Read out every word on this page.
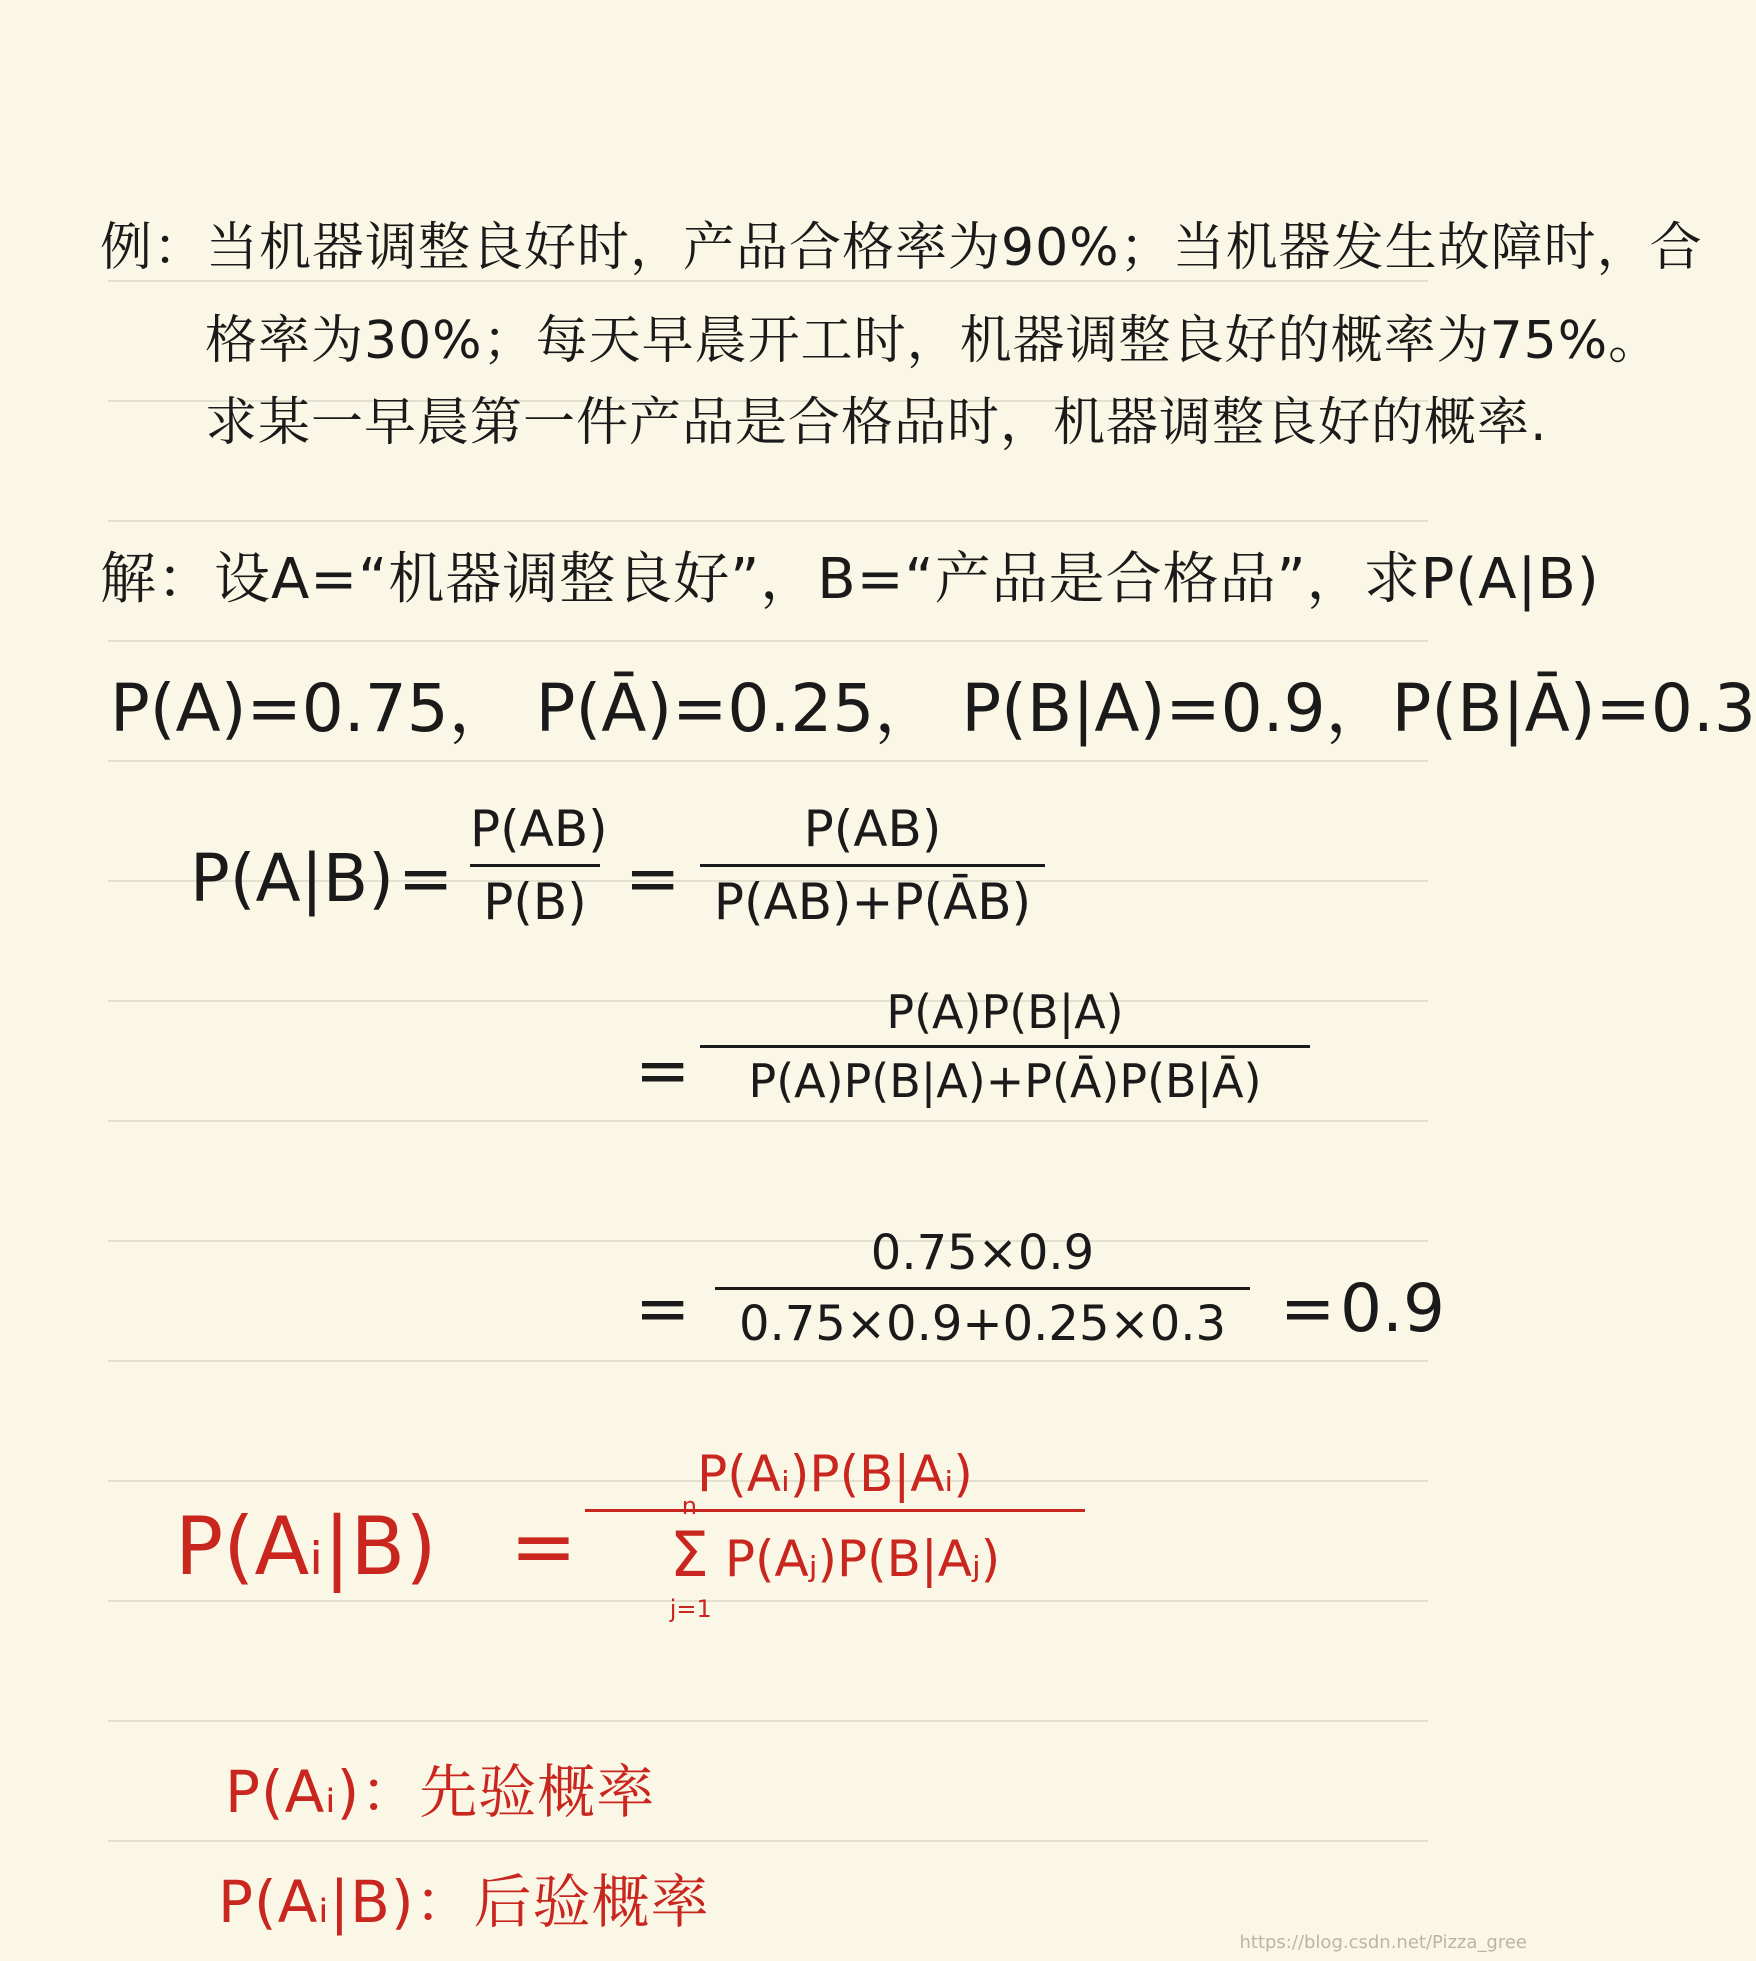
例：当机器调整良好时，产品合格率为90%；当机器发生故障时，合
格率为30%；每天早晨开工时，机器调整良好的概率为75%。
求某一早晨第一件产品是合格品时，机器调整良好的概率.
解：设A=“机器调整良好”，B=“产品是合格品”，求P(A|B)
P(A)=0.75， P(Ā)=0.25， P(B|A)=0.9，P(B|Ā)=0.3
P(A|B) =
P(AB)
P(B) =
P(AB)
P(AB)+P(ĀB)
=
P(A)P(B|A)
P(A)P(B|A)+P(Ā)P(B|Ā)
=
0.75×0.9
0.75×0.9+0.25×0.3 = 0.9
P(Aᵢ|B) =
P(Aᵢ)P(B|Aᵢ)
Σ
n
j=1
P(Aⱼ)P(B|Aⱼ)
P(Aᵢ)：先验概率
P(Aᵢ|B)：后验概率
https://blog.csdn.net/Pizza_gree
